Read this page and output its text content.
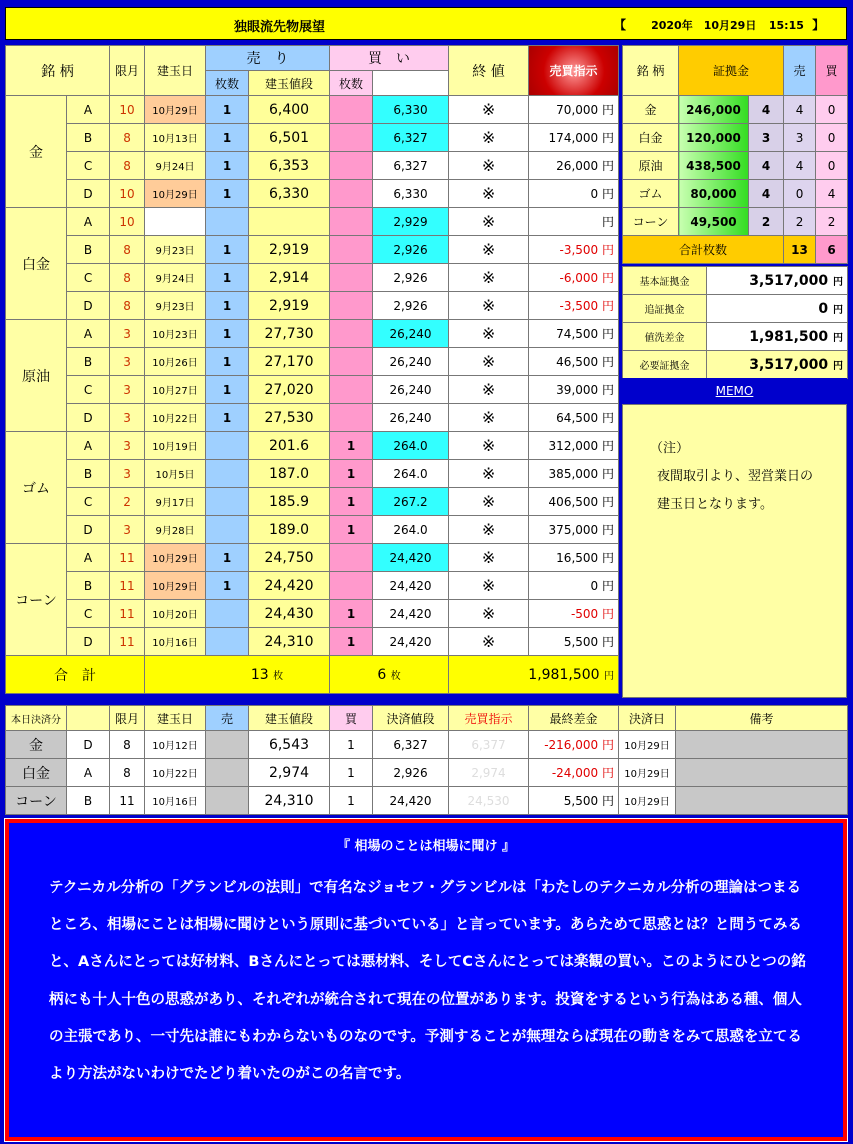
独眼流先物展望	【 2020年　10月29日 15:15 】
銘 柄		限月	建玉日	売　り		買　い		終 値	売買指示	
				枚数	建玉値段	枚数				
金	A	10	10月29日	1	6,400		6,330	※	70,000 円	
	B	8	10月13日	1	6,501		6,327	※	174,000 円	
	C	8	9月24日	1	6,353		6,327	※	26,000 円	
	D	10	10月29日	1	6,330		6,330	※	0 円	
白金	A	10					2,929	※	円	
	B	8	9月23日	1	2,919		2,926	※	-3,500 円	
	C	8	9月24日	1	2,914		2,926	※	-6,000 円	
	D	8	9月23日	1	2,919		2,926	※	-3,500 円	
原油	A	3	10月23日	1	27,730		26,240	※	74,500 円	
	B	3	10月26日	1	27,170		26,240	※	46,500 円	
	C	3	10月27日	1	27,020		26,240	※	39,000 円	
	D	3	10月22日	1	27,530		26,240	※	64,500 円	
ゴム	A	3	10月19日		201.6	1	264.0	※	312,000 円	
	B	3	10月5日		187.0	1	264.0	※	385,000 円	
	C	2	9月17日		185.9	1	267.2	※	406,500 円	
	D	3	9月28日		189.0	1	264.0	※	375,000 円	
コーン	A	11	10月29日	1	24,750		24,420	※	16,500 円	
	B	11	10月29日	1	24,420		24,420	※	0 円	
	C	11	10月20日		24,430	1	24,420	※	-500 円	
	D	11	10月16日		24,310	1	24,420	※	5,500 円	
合　計			13 枚			6 枚		1,981,500 円		
銘 柄	証拠金		売	買
金	246,000	4	4	0
白金	120,000	3	3	0
原油	438,500	4	4	0
ゴム	80,000	4	0	4
コーン	49,500	2	2	2
合計枚数			13	6
基本証拠金	3,517,000 円
追証拠金	0 円
値洗差金	1,981,500 円
必要証拠金	3,517,000 円
MEMO
（注）
夜間取引より、翌営業日の
建玉日となります。
本日決済分		限月	建玉日	売	建玉値段	買	決済値段	売買指示	最終差金	決済日	備考
金	D	8	10月12日		6,543	1	6,327	6,377	-216,000 円	10月29日	
白金	A	8	10月22日		2,974	1	2,926	2,974	-24,000 円	10月29日	
コーン	B	11	10月16日		24,310	1	24,420	24,530	5,500 円	10月29日	
『 相場のことは相場に聞け 』
テクニカル分析の「グランビルの法則」で有名なジョセフ・グランビルは「わたしのテクニカル分析の理論はつまるところ、相場にことは相場に聞けという原則に基づいている」と言っています。あらためて思惑とは？と問うてみると、Aさんにとっては好材料、Bさんにとっては悪材料、そしてCさんにとっては楽観の買い。このようにひとつの銘柄にも十人十色の思惑があり、それぞれが統合されて現在の位置があります。投資をするという行為はある種、個人の主張であり、一寸先は誰にもわからないものなのです。予測することが無理ならば現在の動きをみて思惑を立てるより方法がないわけでたどり着いたのがこの名言です。
